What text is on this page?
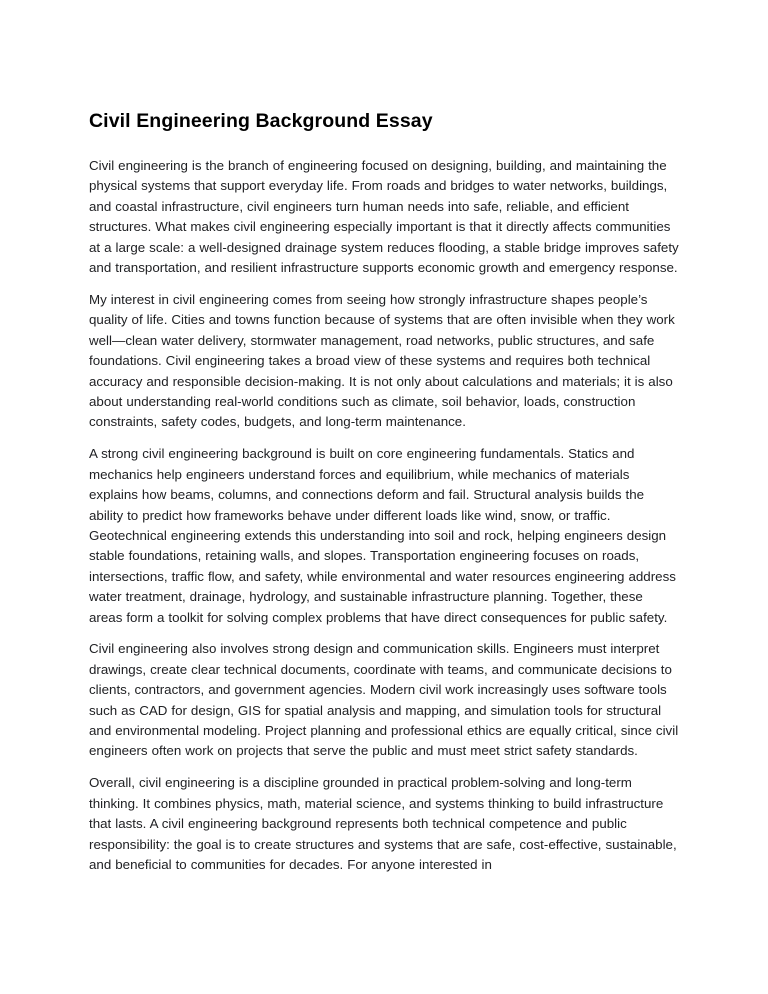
Civil Engineering Background Essay

Civil engineering is the branch of engineering focused on designing, building, and maintaining the physical systems that support everyday life. From roads and bridges to water networks, buildings, and coastal infrastructure, civil engineers turn human needs into safe, reliable, and efficient structures. What makes civil engineering especially important is that it directly affects communities at a large scale: a well-designed drainage system reduces flooding, a stable bridge improves safety and transportation, and resilient infrastructure supports economic growth and emergency response.

My interest in civil engineering comes from seeing how strongly infrastructure shapes people’s quality of life. Cities and towns function because of systems that are often invisible when they work well—clean water delivery, stormwater management, road networks, public structures, and safe foundations. Civil engineering takes a broad view of these systems and requires both technical accuracy and responsible decision-making. It is not only about calculations and materials; it is also about understanding real-world conditions such as climate, soil behavior, loads, construction constraints, safety codes, budgets, and long-term maintenance.

A strong civil engineering background is built on core engineering fundamentals. Statics and mechanics help engineers understand forces and equilibrium, while mechanics of materials explains how beams, columns, and connections deform and fail. Structural analysis builds the ability to predict how frameworks behave under different loads like wind, snow, or traffic. Geotechnical engineering extends this understanding into soil and rock, helping engineers design stable foundations, retaining walls, and slopes. Transportation engineering focuses on roads, intersections, traffic flow, and safety, while environmental and water resources engineering address water treatment, drainage, hydrology, and sustainable infrastructure planning. Together, these areas form a toolkit for solving complex problems that have direct consequences for public safety.

Civil engineering also involves strong design and communication skills. Engineers must interpret drawings, create clear technical documents, coordinate with teams, and communicate decisions to clients, contractors, and government agencies. Modern civil work increasingly uses software tools such as CAD for design, GIS for spatial analysis and mapping, and simulation tools for structural and environmental modeling. Project planning and professional ethics are equally critical, since civil engineers often work on projects that serve the public and must meet strict safety standards.

Overall, civil engineering is a discipline grounded in practical problem-solving and long-term thinking. It combines physics, math, material science, and systems thinking to build infrastructure that lasts. A civil engineering background represents both technical competence and public responsibility: the goal is to create structures and systems that are safe, cost-effective, sustainable, and beneficial to communities for decades. For anyone interested in
